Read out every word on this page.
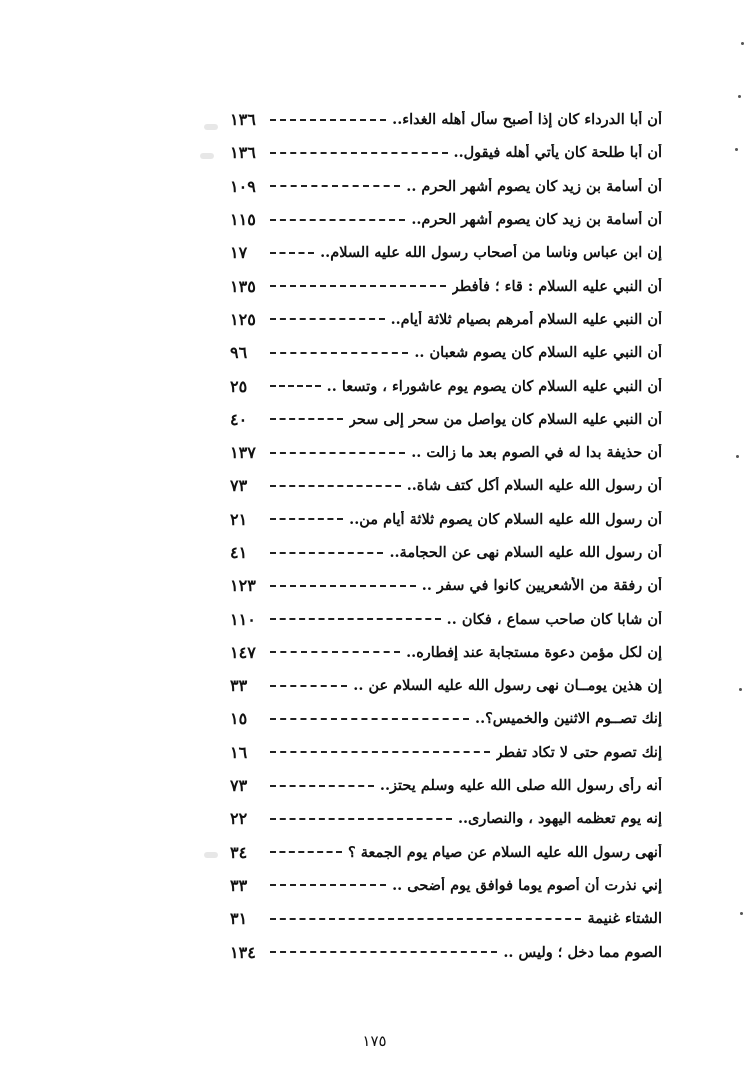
١٣٦	أن أبا الدرداء كان إذا أصبح سأل أهله الغداء..
١٣٦	أن أبا طلحة كان يأتي أهله فيقول..
١٠٩	أن أسامة بن زيد كان يصوم أشهر الحرم ..
١١٥	أن أسامة بن زيد كان يصوم أشهر الحرم..
١٧	إن ابن عباس وناسا من أصحاب رسول الله عليه السلام..
١٣٥	أن النبي عليه السلام : قاء ؛ فأفطر
١٢٥	أن النبي عليه السلام أمرهم بصيام ثلاثة أيام..
٩٦	أن النبي عليه السلام كان يصوم شعبان ..
٢٥	أن النبي عليه السلام كان يصوم يوم عاشوراء ، وتسعا ..
٤٠	أن النبي عليه السلام كان يواصل من سحر إلى سحر
١٣٧	أن حذيفة بدا له في الصوم بعد ما زالت ..
٧٣	أن رسول الله عليه السلام أكل كتف شاة..
٢١	أن رسول الله عليه السلام كان يصوم ثلاثة أيام من..
٤١	أن رسول الله عليه السلام نهى عن الحجامة..
١٢٣	أن رفقة من الأشعريين كانوا في سفر ..
١١٠	أن شابا كان صاحب سماع ، فكان ..
١٤٧	إن لكل مؤمن دعوة مستجابة عند إفطاره..
٣٣	إن هذين يومــان نهى رسول الله عليه السلام عن ..
١٥	إنك تصــوم الاثنين والخميس؟..
١٦	إنك تصوم حتى لا تكاد تفطر
٧٣	أنه رأى رسول الله صلى الله عليه وسلم يحتز..
٢٢	إنه يوم تعظمه اليهود ، والنصارى..
٣٤	أنهى رسول الله عليه السلام عن صيام يوم الجمعة ؟
٣٣	إني نذرت أن أصوم يوما فوافق يوم أضحى ..
٣١	الشتاء غنيمة
١٣٤	الصوم مما دخل ؛ وليس ..
١٧٥
